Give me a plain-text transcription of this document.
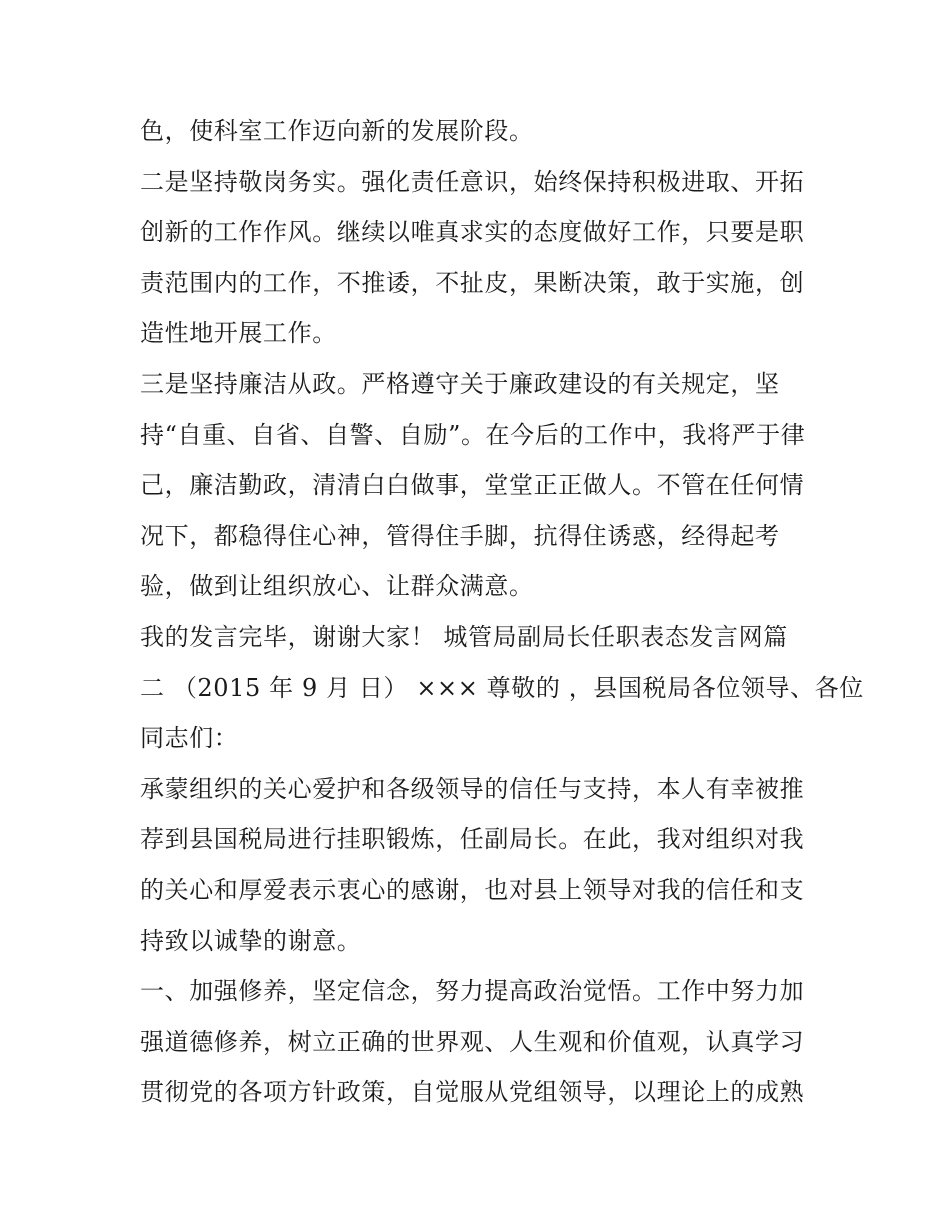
色，使科室工作迈向新的发展阶段。
二是坚持敬岗务实。强化责任意识，始终保持积极进取、开拓
创新的工作作风。继续以唯真求实的态度做好工作，只要是职
责范围内的工作，不推诿，不扯皮，果断决策，敢于实施，创
造性地开展工作。
三是坚持廉洁从政。严格遵守关于廉政建设的有关规定，坚
持“自重、自省、自警、自励”。在今后的工作中，我将严于律
己，廉洁勤政，清清白白做事，堂堂正正做人。不管在任何情
况下，都稳得住心神，管得住手脚，抗得住诱惑，经得起考
验，做到让组织放心、让群众满意。
我的发言完毕，谢谢大家！ 城管局副局长任职表态发言网篇
二 （2015 年 9 月 日） ××× 尊敬的 ，县国税局各位领导、各位
同志们：
承蒙组织的关心爱护和各级领导的信任与支持，本人有幸被推
荐到县国税局进行挂职锻炼，任副局长。在此，我对组织对我
的关心和厚爱表示衷心的感谢，也对县上领导对我的信任和支
持致以诚挚的谢意。
一、加强修养，坚定信念，努力提高政治觉悟。工作中努力加
强道德修养，树立正确的世界观、人生观和价值观，认真学习
贯彻党的各项方针政策，自觉服从党组领导，以理论上的成熟
